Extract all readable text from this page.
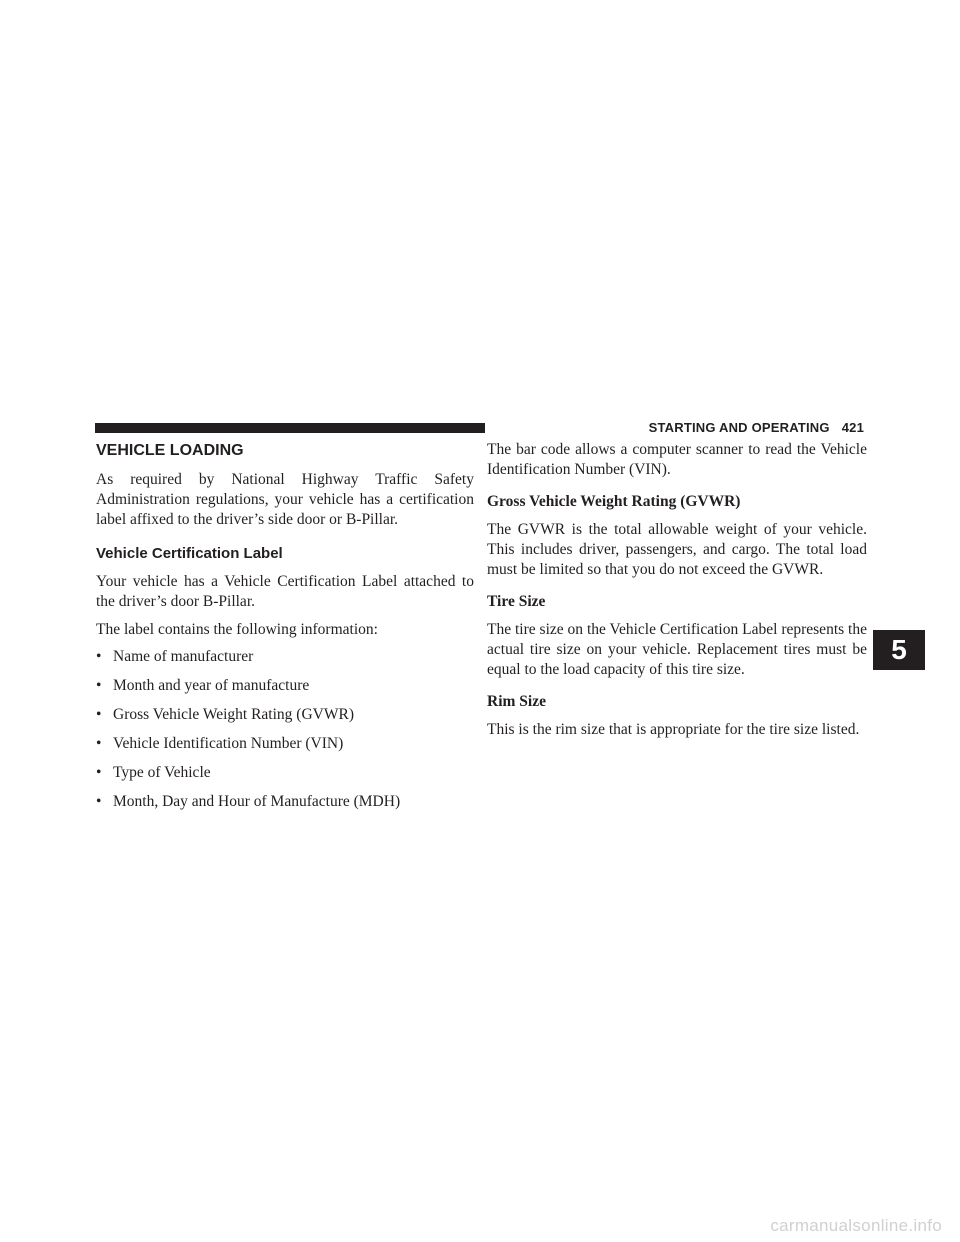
STARTING AND OPERATING 421
5
VEHICLE LOADING

As required by National Highway Traffic Safety Administration regulations, your vehicle has a certification label affixed to the driver’s side door or B-Pillar.

Vehicle Certification Label

Your vehicle has a Vehicle Certification Label attached to the driver’s door B-Pillar.

The label contains the following information:

• Name of manufacturer
• Month and year of manufacture
• Gross Vehicle Weight Rating (GVWR)
• Vehicle Identification Number (VIN)
• Type of Vehicle
• Month, Day and Hour of Manufacture (MDH)

The bar code allows a computer scanner to read the Vehicle Identification Number (VIN).

Gross Vehicle Weight Rating (GVWR)

The GVWR is the total allowable weight of your vehicle. This includes driver, passengers, and cargo. The total load must be limited so that you do not exceed the GVWR.

Tire Size

The tire size on the Vehicle Certification Label represents the actual tire size on your vehicle. Replacement tires must be equal to the load capacity of this tire size.

Rim Size

This is the rim size that is appropriate for the tire size listed.

carmanualsonline.info
